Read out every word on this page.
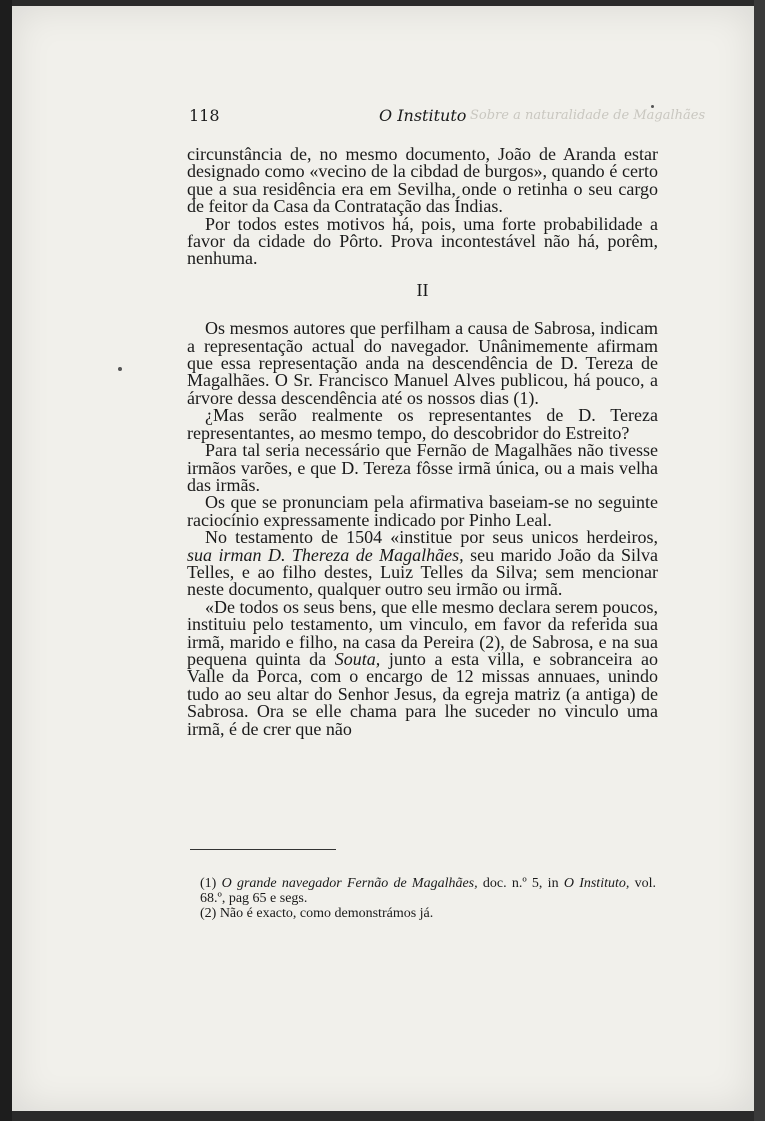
Sobre a naturalidade de Magalhães
118	O Instituto

circunstância de, no mesmo documento, João de Aranda estar designado como «vecino de la cibdad de burgos», quando é certo que a sua residência era em Sevilha, onde o retinha o seu cargo de feitor da Casa da Contratação das Índias.

Por todos estes motivos há, pois, uma forte probabilidade a favor da cidade do Pôrto. Prova incontestável não há, porêm, nenhuma.

II

Os mesmos autores que perfilham a causa de Sabrosa, indicam a representação actual do navegador. Unânimemente afirmam que essa representação anda na descendência de D. Tereza de Magalhães. O Sr. Francisco Manuel Alves publicou, há pouco, a árvore dessa descendência até os nossos dias (1).

¿Mas serão realmente os representantes de D. Tereza representantes, ao mesmo tempo, do descobridor do Estreito?

Para tal seria necessário que Fernão de Magalhães não tivesse irmãos varões, e que D. Tereza fôsse irmã única, ou a mais velha das irmãs.

Os que se pronunciam pela afirmativa baseiam-se no seguinte raciocínio expressamente indicado por Pinho Leal.

No testamento de 1504 «institue por seus unicos herdeiros, sua irman D. Thereza de Magalhães, seu marido João da Silva Telles, e ao filho destes, Luiz Telles da Silva; sem mencionar neste documento, qualquer outro seu irmão ou irmã.

«De todos os seus bens, que elle mesmo declara serem poucos, instituiu pelo testamento, um vinculo, em favor da referida sua irmã, marido e filho, na casa da Pereira (2), de Sabrosa, e na sua pequena quinta da Souta, junto a esta villa, e sobranceira ao Valle da Porca, com o encargo de 12 missas annuaes, unindo tudo ao seu altar do Senhor Jesus, da egreja matriz (a antiga) de Sabrosa. Ora se elle chama para lhe suceder no vinculo uma irmã, é de crer que não

(1) O grande navegador Fernão de Magalhães, doc. n.º 5, in O Instituto, vol. 68.º, pag 65 e segs.

(2) Não é exacto, como demonstrámos já.
